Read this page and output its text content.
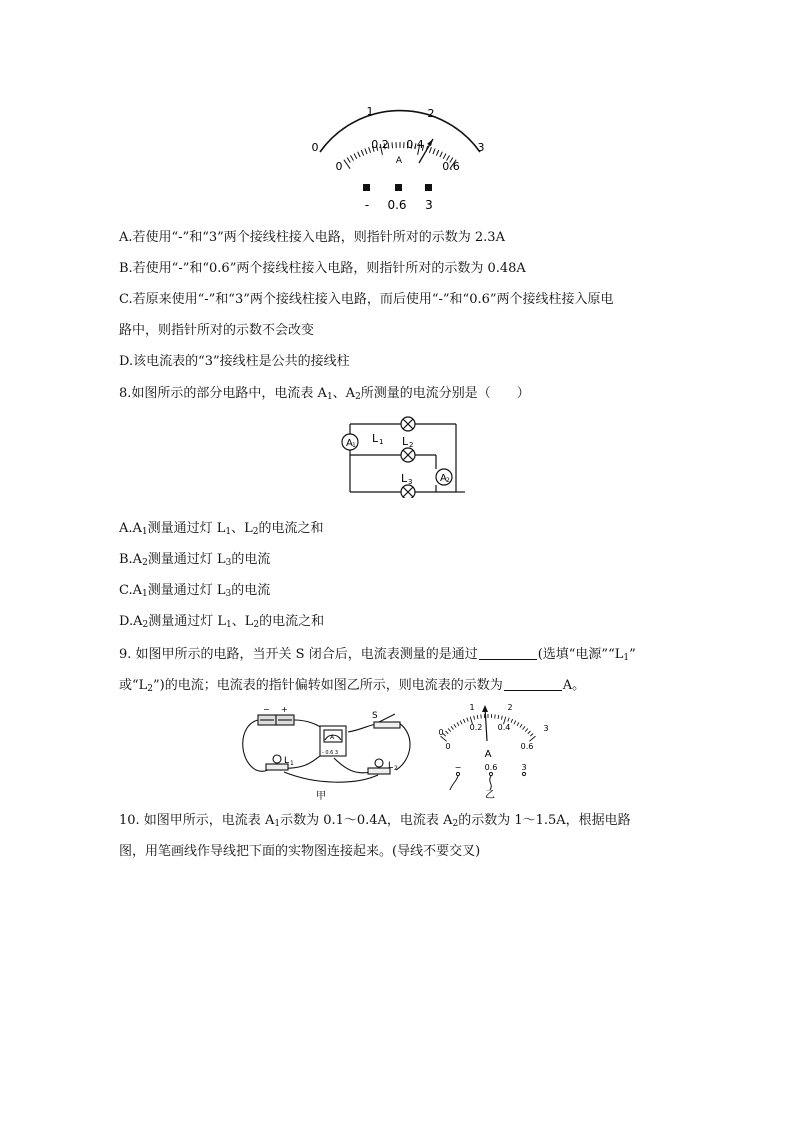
0
1	2
3
0
0.2 0.4
0.6
A
- 0.6 3
A.若使用“-”和“3”两个接线柱接入电路，则指针所对的示数为 2.3A
B.若使用“-”和“0.6”两个接线柱接入电路，则指针所对的示数为 0.48A
C.若原来使用“-”和“3”两个接线柱接入电路，而后使用“-”和“0.6”两个接线柱接入原电
路中，则指针所对的示数不会改变
D.该电流表的“3”接线柱是公共的接线柱
8.如图所示的部分电路中，电流表 $A_1$、$A_2$所测量的电流分别是（　　）
A 1
A 2
L 1 L 2
L 3
$A.A_1$测量通过灯 $L_1$、$L_2$的电流之和
$B.A_2$测量通过灯 $L_3$的电流
$C.A_1$测量通过灯 $L_3$的电流
$D.A_2$测量通过灯 $L_1$、$L_2$的电流之和
9. 如图甲所示的电路，当开关 S 闭合后，电流表测量的是通过	(选填“电源$”“L_1$”
或“$L_2$”)的电流；电流表的指针偏转如图乙所示，则电流表的示数为	A。
− +
A
- 0.6 3
S
L 1	L 2
甲
0
1	2
3
0
0.2 0.4
0.6
A
−	0.6	3
乙
10. 如图甲所示，电流表 $A_1$示数为 0.1～0.4A，电流表 $A_2$的示数为 1～1.5A，根据电路
图，用笔画线作导线把下面的实物图连接起来。(导线不要交叉)
